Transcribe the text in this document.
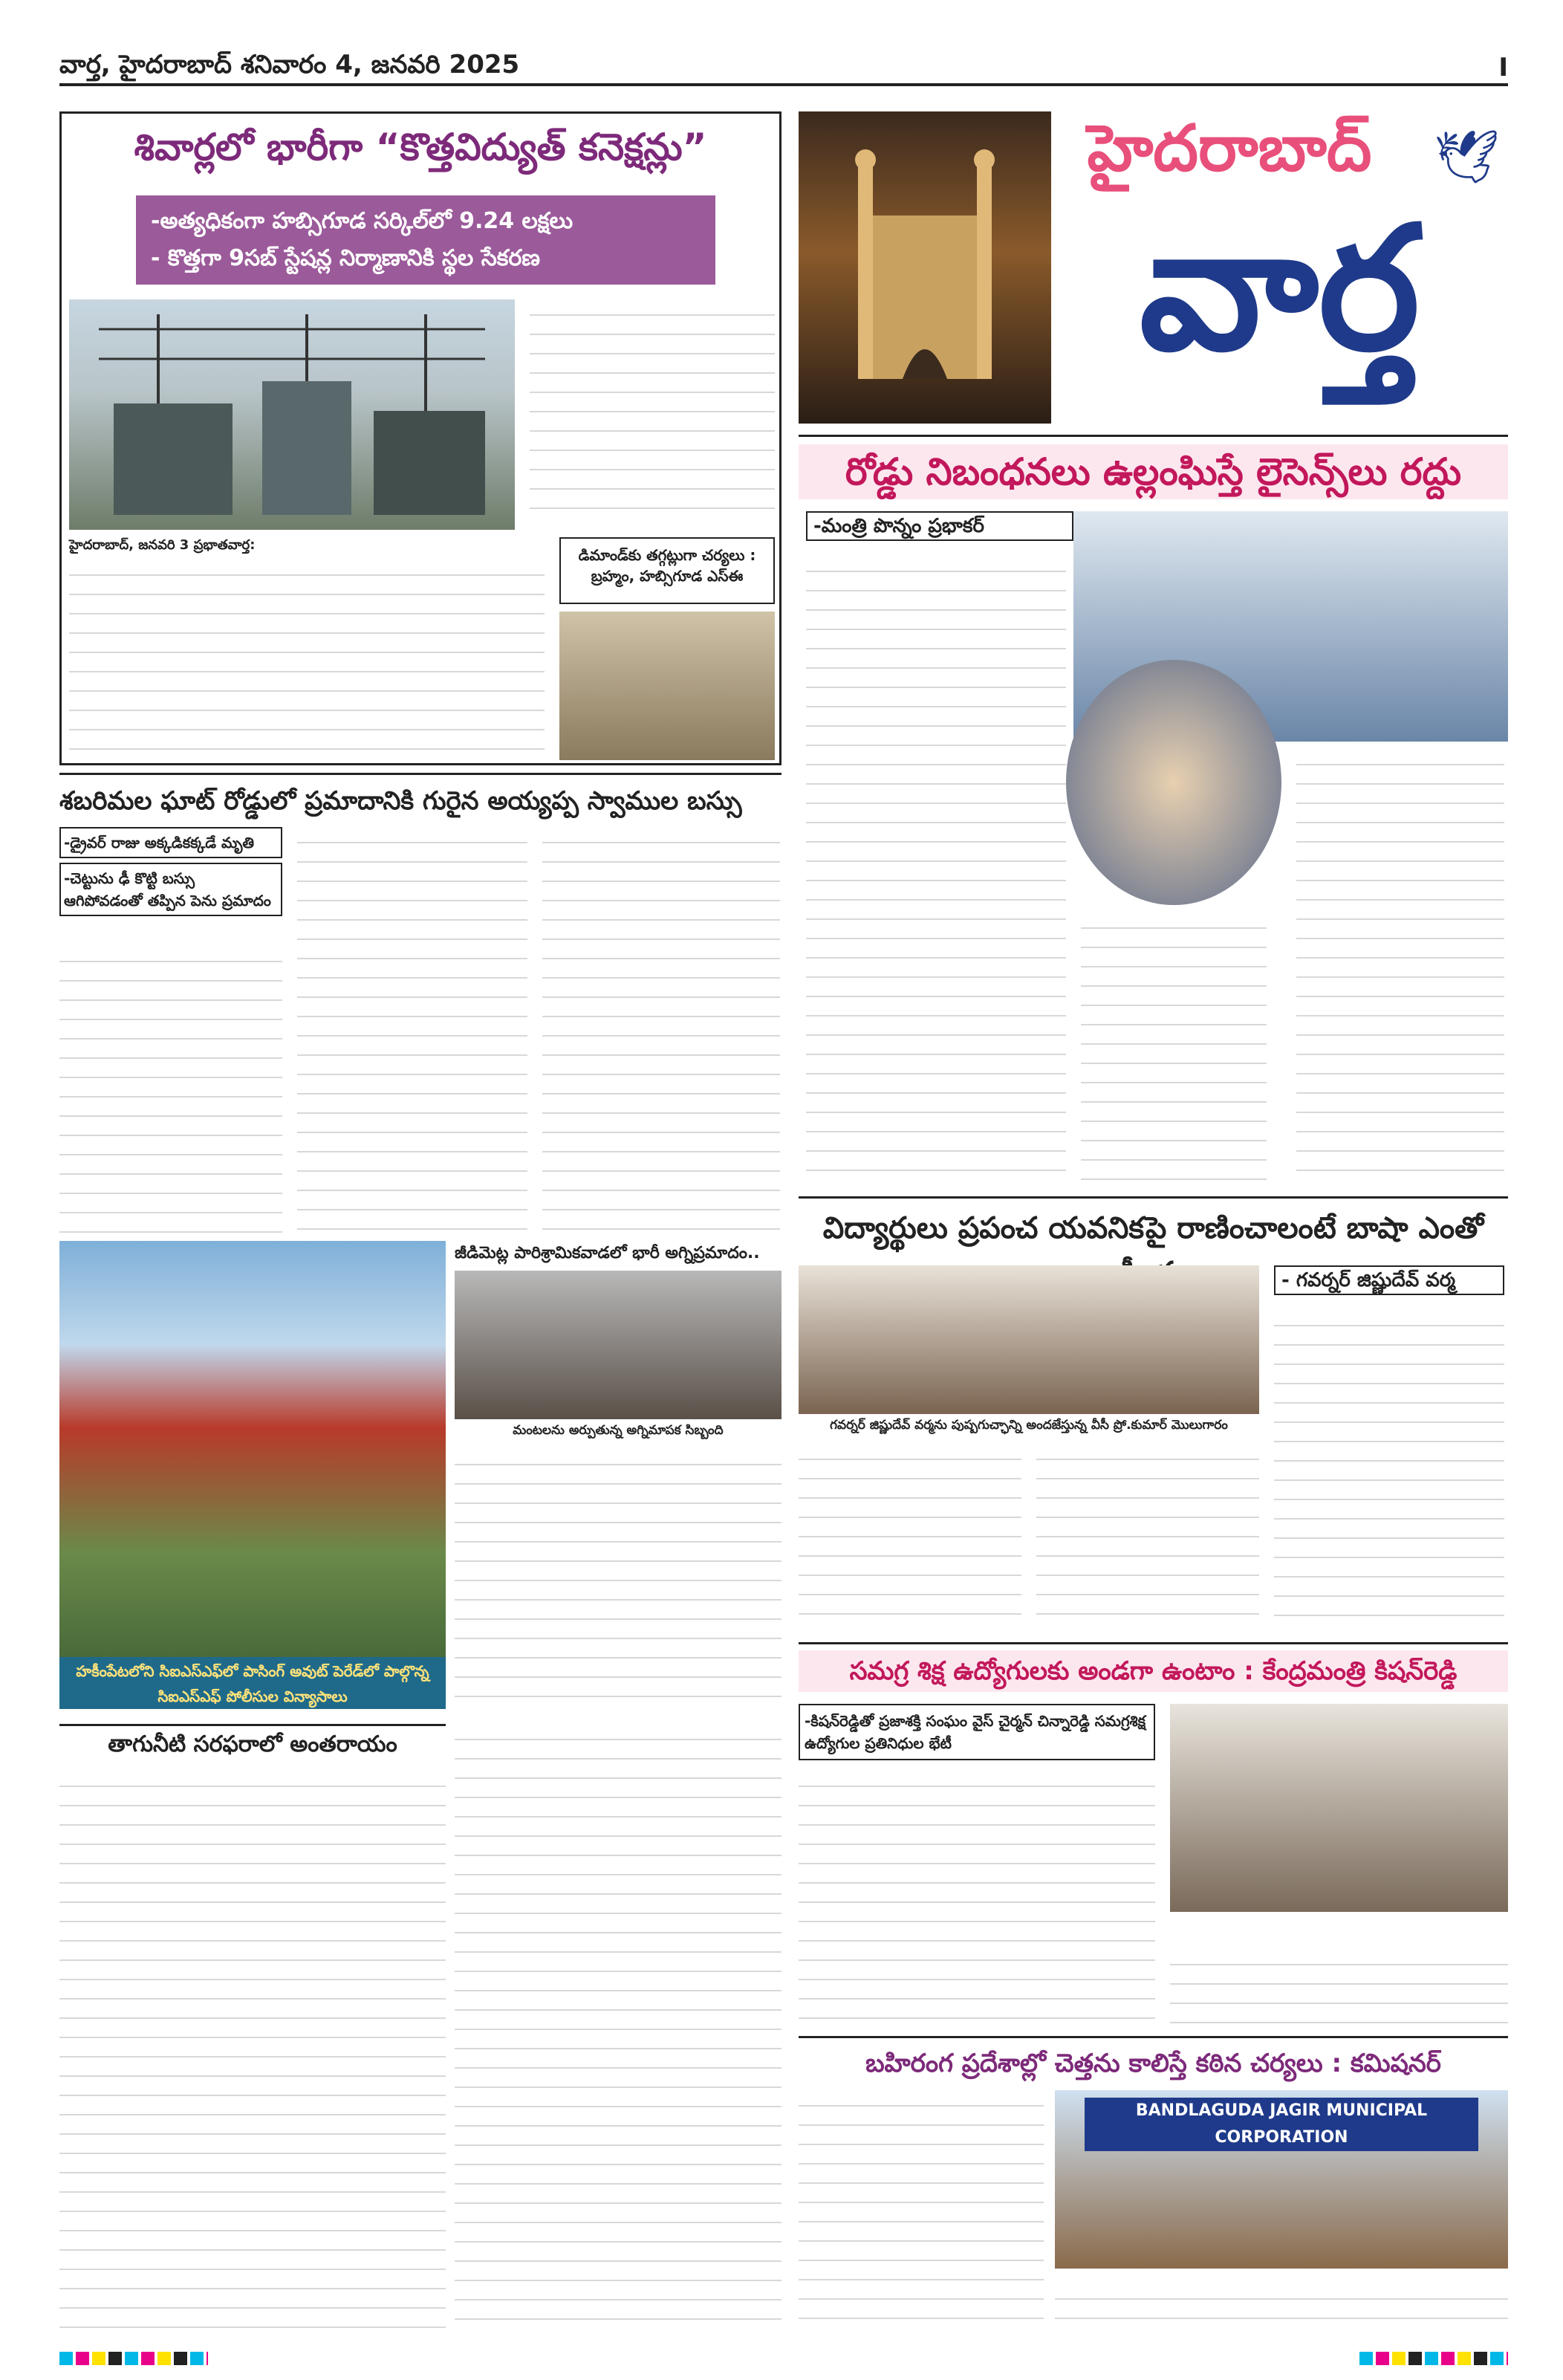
వార్త, హైదరాబాద్ శనివారం 4, జనవరి 2025	I
శివార్లలో భారీగా “కొత్తవిద్యుత్ కనెక్షన్లు”
-అత్యధికంగా హబ్సిగూడ సర్కిల్‌లో 9.24 లక్షలు
- కొత్తగా 9సబ్ స్టేషన్ల నిర్మాణానికి స్థల సేకరణ
డిమాండ్‌కు తగ్గట్లుగా చర్యలు : బ్రహ్మం, హబ్సిగూడ ఎస్‌ఈ
హైదరాబాద్, జనవరి 3 ప్రభాతవార్త:
హైదరాబాద్
వార్త
🕊
రోడ్డు నిబంధనలు ఉల్లంఘిస్తే లైసెన్స్‌లు రద్దు
-మంత్రి పొన్నం ప్రభాకర్
శబరిమల ఘాట్ రోడ్డులో ప్రమాదానికి గురైన అయ్యప్ప స్వాముల బస్సు
-డ్రైవర్ రాజు అక్కడికక్కడే మృతి
-చెట్టును ఢీ కొట్టి బస్సు ఆగిపోవడంతో తప్పిన పెను ప్రమాదం
విద్యార్థులు ప్రపంచ యవనికపై రాణించాలంటే బాషా ఎంతో
- గవర్నర్ జిష్ణుదేవ్ వర్మ
గవర్నర్ జిష్ణుదేవ్ వర్మను పుష్పగుచ్ఛాన్ని అందజేస్తున్న వీసీ ప్రో.కుమార్ మొలుగారం
హకీంపేటలోని సిఐఎస్ఎఫ్‌లో పాసింగ్ అవుట్ పెరేడ్‌లో పాల్గొన్న సిఐఎస్ఎఫ్ పోలీసుల విన్యాసాలు
జీడిమెట్ల పారిశ్రామికవాడలో భారీ అగ్నిప్రమాదం..
మంటలను అర్పుతున్న అగ్నిమాపక సిబ్బంది
తాగునీటి సరఫరాలో అంతరాయం
సమగ్ర శిక్ష ఉద్యోగులకు అండగా ఉంటాం : కేంద్రమంత్రి కిషన్‌రెడ్డి
-కిషన్‌రెడ్డితో ప్రజాశక్తి సంఘం వైస్ చైర్మన్ చిన్నారెడ్డి సమగ్రశిక్ష ఉద్యోగుల ప్రతినిధుల భేటీ
బహిరంగ ప్రదేశాల్లో చెత్తను కాలిస్తే కఠిన చర్యలు : కమిషనర్
BANDLAGUDA JAGIR MUNICIPAL CORPORATION
